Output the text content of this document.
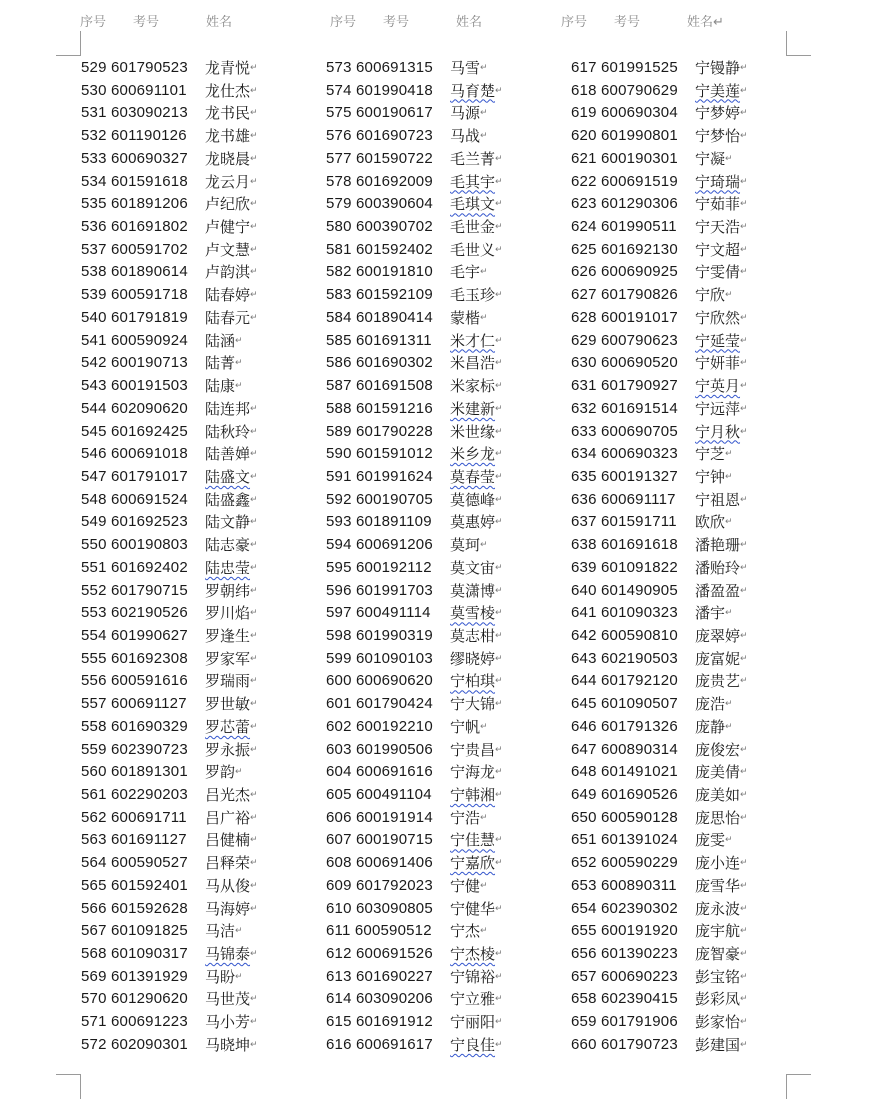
序号 考号	姓名	序号 考号	姓名	序号 考号	姓名↵
529 601790523 龙青悦 ↵
530 600691101 龙仕杰 ↵
531 603090213 龙书民 ↵
532 601190126 龙书雄 ↵
533 600690327 龙晓晨 ↵
534 601591618 龙云月 ↵
535 601891206 卢纪欣 ↵
536 601691802 卢健宁 ↵
537 600591702 卢文慧 ↵
538 601890614 卢韵淇 ↵
539 600591718 陆春婷 ↵
540 601791819 陆春元 ↵
541 600590924 陆涵 ↵
542 600190713 陆菁 ↵
543 600191503 陆康 ↵
544 602090620 陆连邦 ↵
545 601692425 陆秋玲 ↵
546 600691018 陆善婵 ↵
547 601791017 陆盛文 ↵
548 600691524 陆盛鑫 ↵
549 601692523 陆文静 ↵
550 600190803 陆志豪 ↵
551 601692402 陆忠莹 ↵
552 601790715 罗朝纬 ↵
553 602190526 罗川焰 ↵
554 601990627 罗逢生 ↵
555 601692308 罗家军 ↵
556 600591616 罗瑞雨 ↵
557 600691127 罗世敏 ↵
558 601690329 罗芯蕾 ↵
559 602390723 罗永振 ↵
560 601891301 罗韵 ↵
561 602290203 吕光杰 ↵
562 600691711 吕广裕 ↵
563 601691127 吕健楠 ↵
564 600590527 吕释荣 ↵
565 601592401 马从俊 ↵
566 601592628 马海婷 ↵
567 601091825 马洁 ↵
568 601090317 马锦泰 ↵
569 601391929 马盼 ↵
570 601290620 马世茂 ↵
571 600691223 马小芳 ↵
572 602090301 马晓坤 ↵
573 600691315 马雪 ↵
574 601990418 马育楚 ↵
575 600190617 马源 ↵
576 601690723 马战 ↵
577 601590722 毛兰菁 ↵
578 601692009 毛其宇 ↵
579 600390604 毛琪文 ↵
580 600390702 毛世金 ↵
581 601592402 毛世义 ↵
582 600191810 毛宇 ↵
583 601592109 毛玉珍 ↵
584 601890414 蒙楷 ↵
585 601691311 米才仁 ↵
586 601690302 米昌浩 ↵
587 601691508 米家标 ↵
588 601591216 米建新 ↵
589 601790228 米世缘 ↵
590 601591012 米乡龙 ↵
591 601991624 莫春莹 ↵
592 600190705 莫德峰 ↵
593 601891109 莫惠婷 ↵
594 600691206 莫珂 ↵
595 600192112 莫文宙 ↵
596 601991703 莫潇博 ↵
597 600491114 莫雪棱 ↵
598 601990319 莫志柑 ↵
599 601090103 缪晓婷 ↵
600 600690620 宁柏琪 ↵
601 601790424 宁大锦 ↵
602 600192210 宁帆 ↵
603 601990506 宁贵昌 ↵
604 600691616 宁海龙 ↵
605 600491104 宁韩湘 ↵
606 600191914 宁浩 ↵
607 600190715 宁佳慧 ↵
608 600691406 宁嘉欣 ↵
609 601792023 宁健 ↵
610 603090805 宁健华 ↵
611 600590512 宁杰 ↵
612 600691526 宁杰棱 ↵
613 601690227 宁锦裕 ↵
614 603090206 宁立雅 ↵
615 601691912 宁丽阳 ↵
616 600691617 宁良佳 ↵
617 601991525 宁镘静 ↵
618 600790629 宁美莲 ↵
619 600690304 宁梦婷 ↵
620 601990801 宁梦怡 ↵
621 600190301 宁凝 ↵
622 600691519 宁琦瑞 ↵
623 601290306 宁茹菲 ↵
624 601990511 宁天浩 ↵
625 601692130 宁文超 ↵
626 600690925 宁雯倩 ↵
627 601790826 宁欣 ↵
628 600191017 宁欣然 ↵
629 600790623 宁延莹 ↵
630 600690520 宁妍菲 ↵
631 601790927 宁英月 ↵
632 601691514 宁远萍 ↵
633 600690705 宁月秋 ↵
634 600690323 宁芝 ↵
635 600191327 宁钟 ↵
636 600691117 宁祖恩 ↵
637 601591711 欧欣 ↵
638 601691618 潘艳珊 ↵
639 601091822 潘贻玲 ↵
640 601490905 潘盈盈 ↵
641 601090323 潘宇 ↵
642 600590810 庞翠婷 ↵
643 602190503 庞富妮 ↵
644 601792120 庞贵艺 ↵
645 601090507 庞浩 ↵
646 601791326 庞静 ↵
647 600890314 庞俊宏 ↵
648 601491021 庞美倩 ↵
649 601690526 庞美如 ↵
650 600590128 庞思怡 ↵
651 601391024 庞雯 ↵
652 600590229 庞小连 ↵
653 600890311 庞雪华 ↵
654 602390302 庞永波 ↵
655 600191920 庞宇航 ↵
656 601390223 庞智豪 ↵
657 600690223 彭宝铭 ↵
658 602390415 彭彩凤 ↵
659 601791906 彭家怡 ↵
660 601790723 彭建国 ↵
